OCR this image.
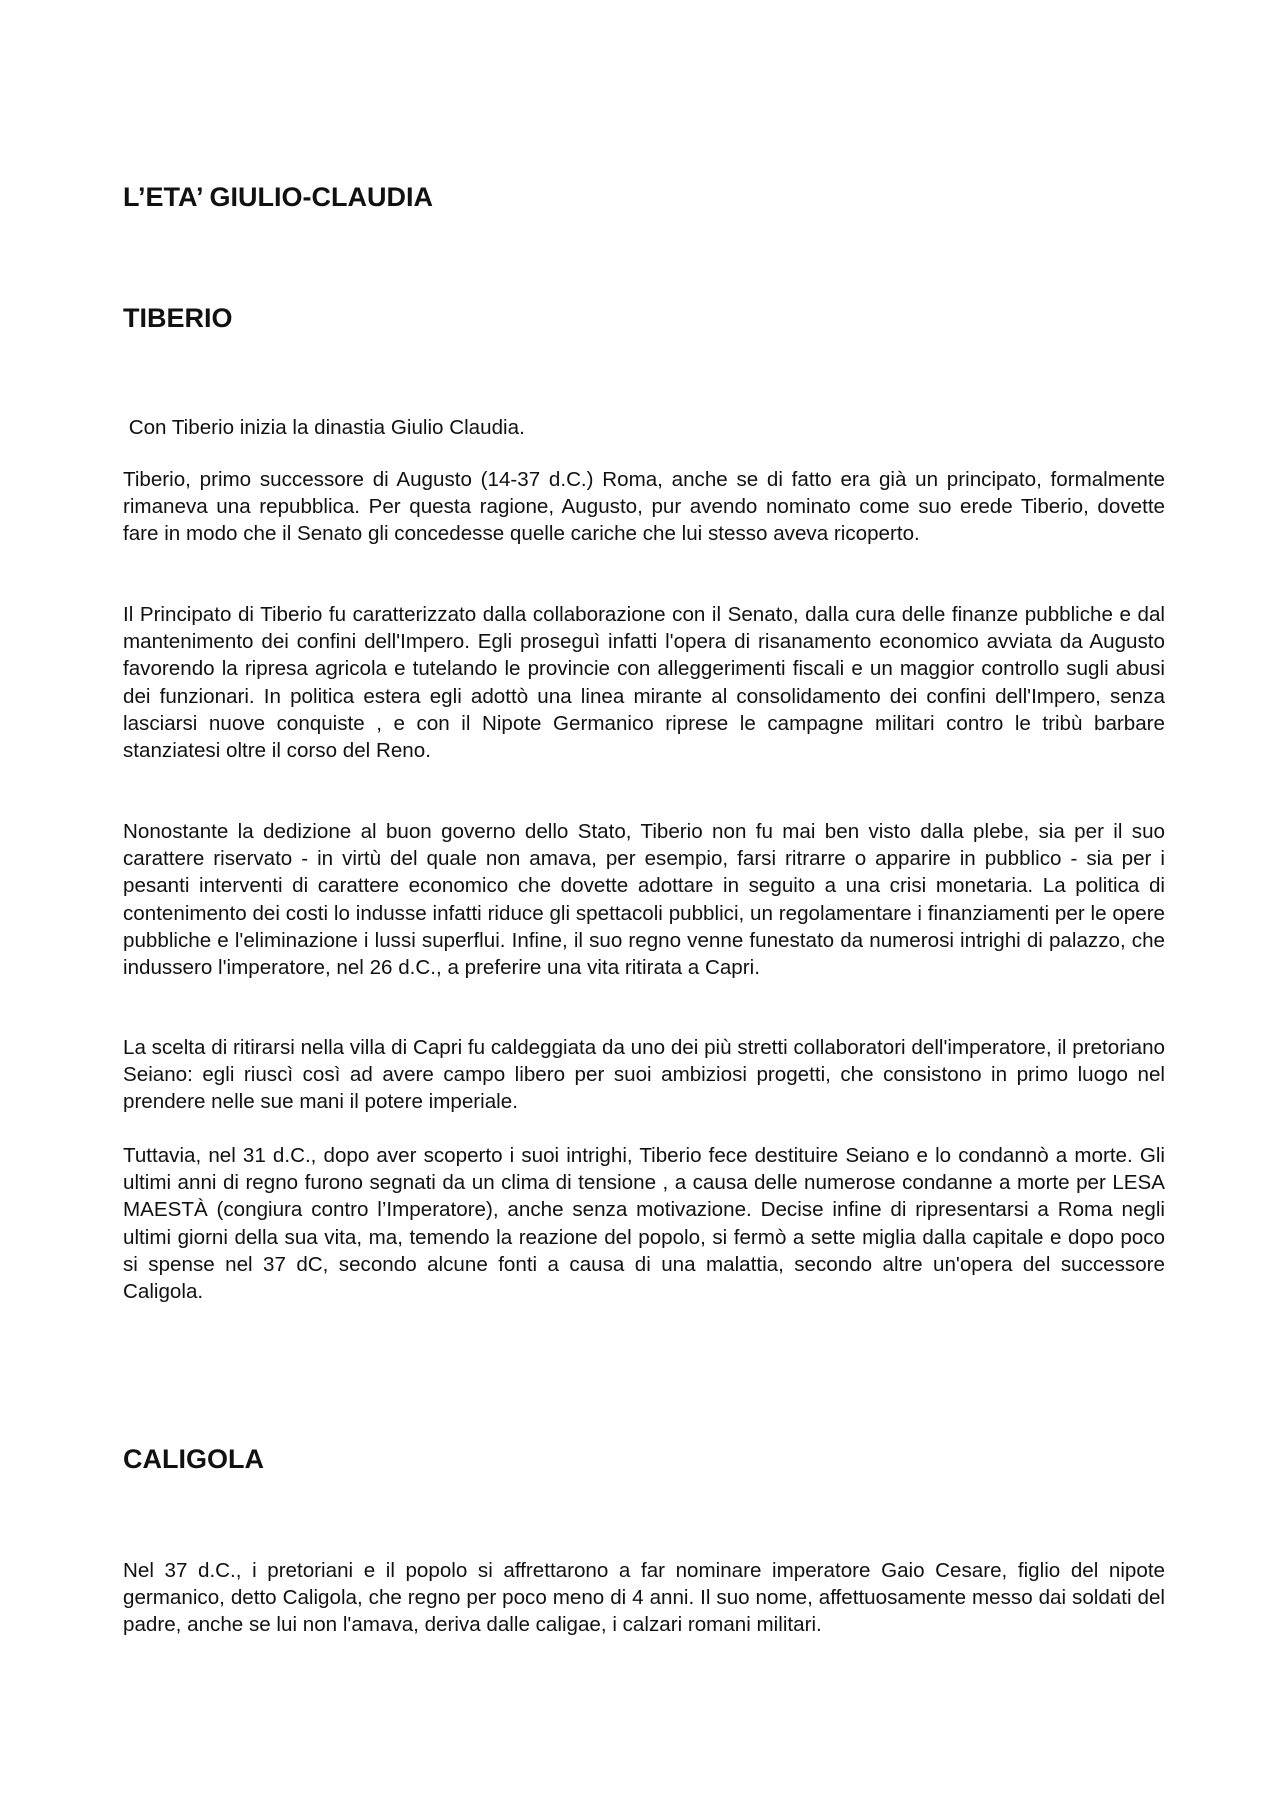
L’ETA’ GIULIO-CLAUDIA
TIBERIO

Con Tiberio inizia la dinastia Giulio Claudia.

Tiberio, primo successore di Augusto (14-37 d.C.) Roma, anche se di fatto era già un principato, formalmente rimaneva una repubblica. Per questa ragione, Augusto, pur avendo nominato come suo erede Tiberio, dovette fare in modo che il Senato gli concedesse quelle cariche che lui stesso aveva ricoperto.

Il Principato di Tiberio fu caratterizzato dalla collaborazione con il Senato, dalla cura delle finanze pubbliche e dal mantenimento dei confini dell'Impero. Egli proseguì infatti l'opera di risanamento economico avviata da Augusto favorendo la ripresa agricola e tutelando le provincie con alleggerimenti fiscali e un maggior controllo sugli abusi dei funzionari. In politica estera egli adottò una linea mirante al consolidamento dei confini dell'Impero, senza lasciarsi nuove conquiste , e con il Nipote Germanico riprese le campagne militari contro le tribù barbare stanziatesi oltre il corso del Reno.

Nonostante la dedizione al buon governo dello Stato, Tiberio non fu mai ben visto dalla plebe, sia per il suo carattere riservato - in virtù del quale non amava, per esempio, farsi ritrarre o apparire in pubblico - sia per i pesanti interventi di carattere economico che dovette adottare in seguito a una crisi monetaria. La politica di contenimento dei costi lo indusse infatti riduce gli spettacoli pubblici, un regolamentare i finanziamenti per le opere pubbliche e l'eliminazione i lussi superflui. Infine, il suo regno venne funestato da numerosi intrighi di palazzo, che indussero l'imperatore, nel 26 d.C., a preferire una vita ritirata a Capri.

La scelta di ritirarsi nella villa di Capri fu caldeggiata da uno dei più stretti collaboratori dell'imperatore, il pretoriano Seiano: egli riuscì così ad avere campo libero per suoi ambiziosi progetti, che consistono in primo luogo nel prendere nelle sue mani il potere imperiale.

Tuttavia, nel 31 d.C., dopo aver scoperto i suoi intrighi, Tiberio fece destituire Seiano e lo condannò a morte. Gli ultimi anni di regno furono segnati da un clima di tensione , a causa delle numerose condanne a morte per LESA MAESTÀ (congiura contro l’Imperatore), anche senza motivazione. Decise infine di ripresentarsi a Roma negli ultimi giorni della sua vita, ma, temendo la reazione del popolo, si fermò a sette miglia dalla capitale e dopo poco si spense nel 37 dC, secondo alcune fonti a causa di una malattia, secondo altre un'opera del successore Caligola.

CALIGOLA

Nel 37 d.C., i pretoriani e il popolo si affrettarono a far nominare imperatore Gaio Cesare, figlio del nipote germanico, detto Caligola, che regno per poco meno di 4 anni. Il suo nome, affettuosamente messo dai soldati del padre, anche se lui non l'amava, deriva dalle caligae, i calzari romani militari.
